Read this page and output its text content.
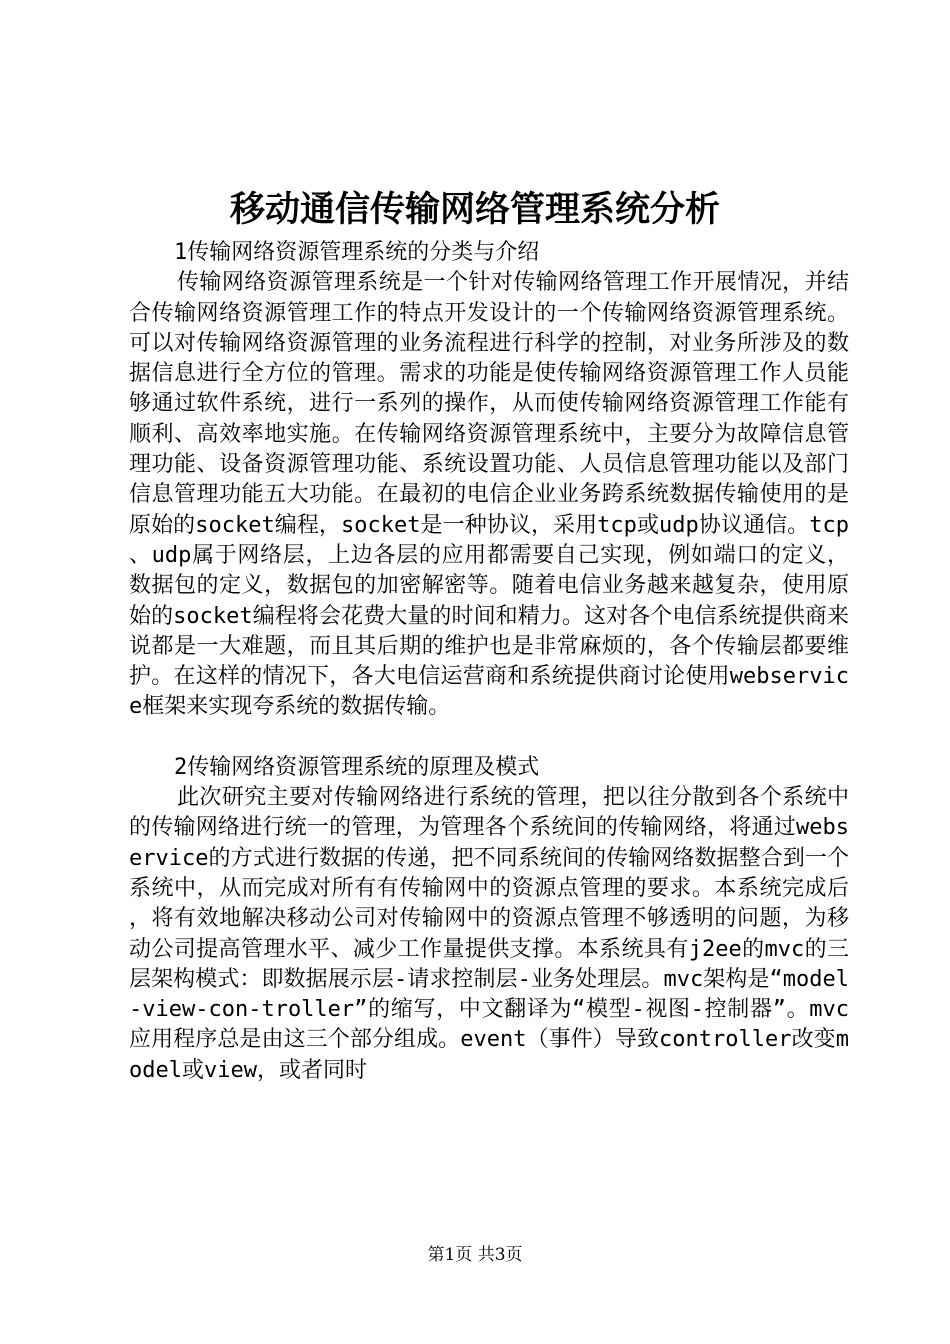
移动通信传输网络管理系统分析

1传输网络资源管理系统的分类与介绍

传输网络资源管理系统是一个针对传输网络管理工作开展情况，并结合传输网络资源管理工作的特点开发设计的一个传输网络资源管理系统。可以对传输网络资源管理的业务流程进行科学的控制，对业务所涉及的数据信息进行全方位的管理。需求的功能是使传输网络资源管理工作人员能够通过软件系统，进行一系列的操作，从而使传输网络资源管理工作能有顺利、高效率地实施。在传输网络资源管理系统中，主要分为故障信息管理功能、设备资源管理功能、系统设置功能、人员信息管理功能以及部门信息管理功能五大功能。在最初的电信企业业务跨系统数据传输使用的是原始的socket编程，socket是一种协议，采用tcp或udp协议通信。tcp、udp属于网络层，上边各层的应用都需要自己实现，例如端口的定义，数据包的定义，数据包的加密解密等。随着电信业务越来越复杂，使用原始的socket编程将会花费大量的时间和精力。这对各个电信系统提供商来说都是一大难题，而且其后期的维护也是非常麻烦的，各个传输层都要维护。在这样的情况下，各大电信运营商和系统提供商讨论使用webservice框架来实现夸系统的数据传输。

2传输网络资源管理系统的原理及模式

此次研究主要对传输网络进行系统的管理，把以往分散到各个系统中的传输网络进行统一的管理，为管理各个系统间的传输网络，将通过webservice的方式进行数据的传递，把不同系统间的传输网络数据整合到一个系统中，从而完成对所有有传输网中的资源点管理的要求。本系统完成后，将有效地解决移动公司对传输网中的资源点管理不够透明的问题，为移动公司提高管理水平、减少工作量提供支撑。本系统具有j2ee的mvc的三层架构模式：即数据展示层-请求控制层-业务处理层。mvc架构是“model-view-con-troller”的缩写，中文翻译为“模型-视图-控制器”。mvc应用程序总是由这三个部分组成。event（事件）导致controller改变model或view，或者同时

第1页 共3页
